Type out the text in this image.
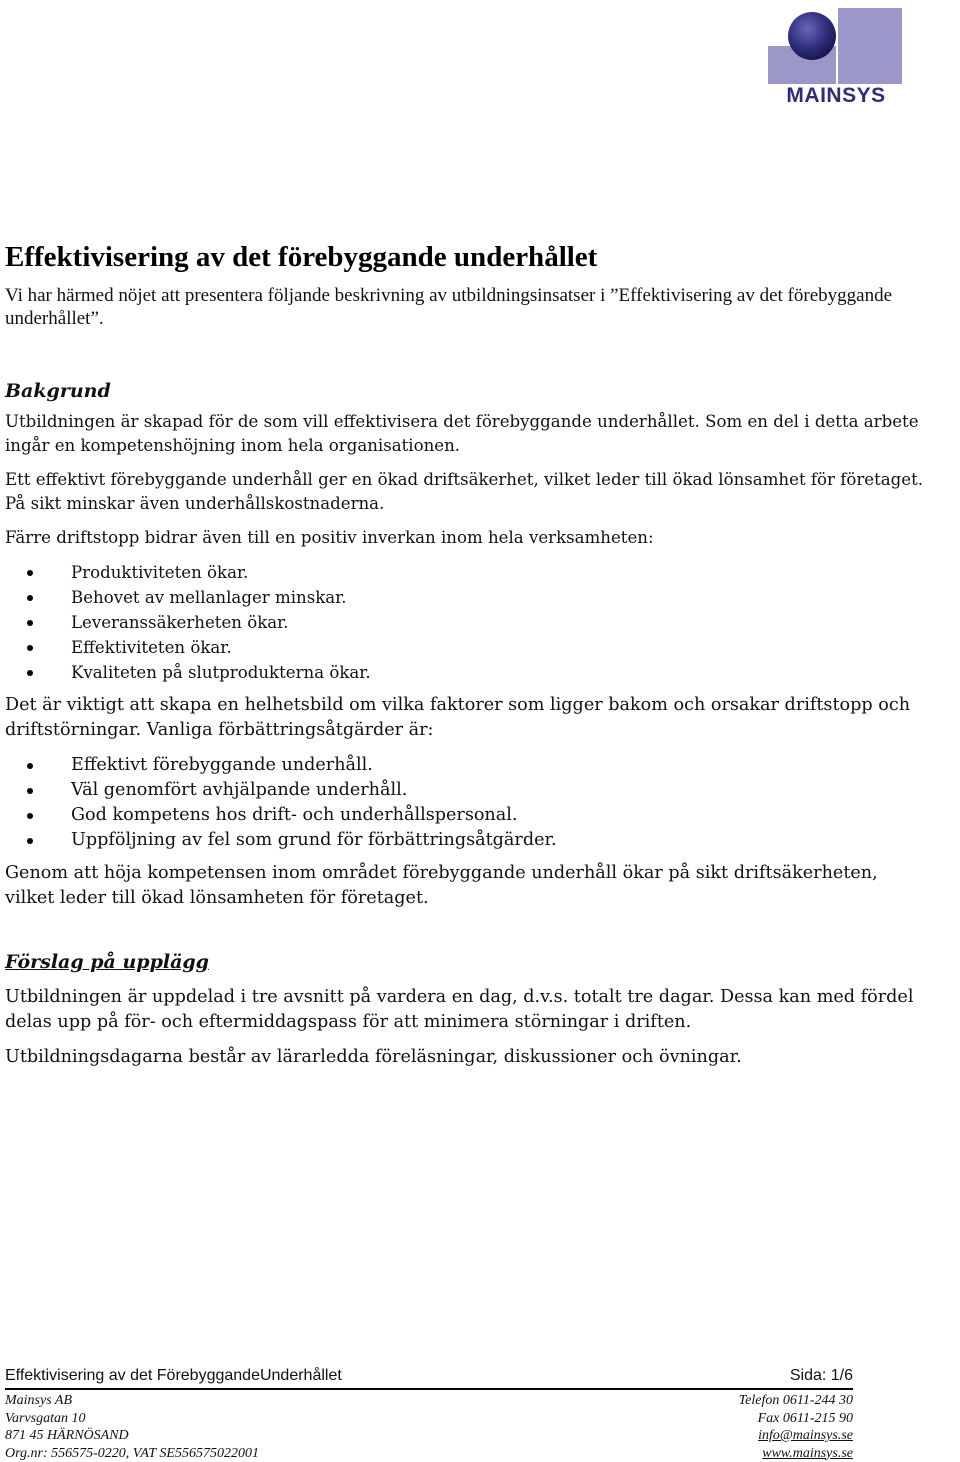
MAINSYS
Effektivisering av det förebyggande underhållet

Vi har härmed nöjet att presentera följande beskrivning av utbildningsinsatser i ”Effektivisering av det förebyggande underhållet”.

Bakgrund

Utbildningen är skapad för de som vill effektivisera det förebyggande underhållet. Som en del i detta arbete ingår en kompetenshöjning inom hela organisationen.

Ett effektivt förebyggande underhåll ger en ökad driftsäkerhet, vilket leder till ökad lönsamhet för företaget. På sikt minskar även underhållskostnaderna.

Färre driftstopp bidrar även till en positiv inverkan inom hela verksamheten:

Produktiviteten ökar.
Behovet av mellanlager minskar.
Leveranssäkerheten ökar.
Effektiviteten ökar.
Kvaliteten på slutprodukterna ökar.

Det är viktigt att skapa en helhetsbild om vilka faktorer som ligger bakom och orsakar driftstopp och driftstörningar. Vanliga förbättringsåtgärder är:

Effektivt förebyggande underhåll.
Väl genomfört avhjälpande underhåll.
God kompetens hos drift- och underhållspersonal.
Uppföljning av fel som grund för förbättringsåtgärder.

Genom att höja kompetensen inom området förebyggande underhåll ökar på sikt driftsäkerheten, vilket leder till ökad lönsamheten för företaget.

Förslag på upplägg

Utbildningen är uppdelad i tre avsnitt på vardera en dag, d.v.s. totalt tre dagar. Dessa kan med fördel delas upp på för- och eftermiddagspass för att minimera störningar i driften.

Utbildningsdagarna består av lärarledda föreläsningar, diskussioner och övningar.

Effektivisering av det FörebyggandeUnderhållet	Sida: 1/6
Mainsys AB
Varvsgatan 10
871 45 HÄRNÖSAND
Org.nr: 556575-0220, VAT SE556575022001
Telefon 0611-244 30
Fax 0611-215 90
info@mainsys.se
www.mainsys.se
